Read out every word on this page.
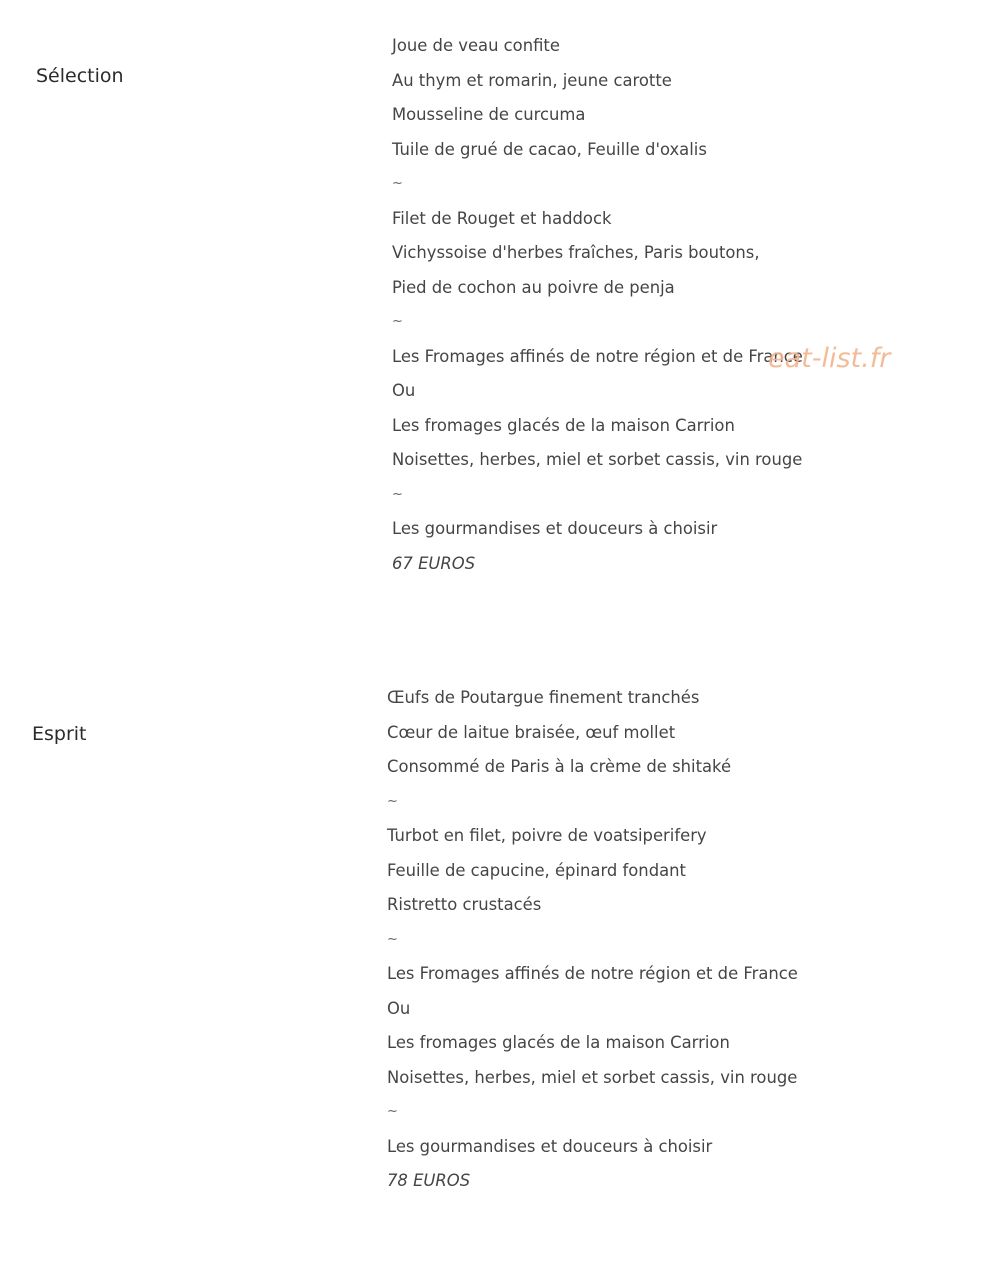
Sélection
Joue de veau confite
Au thym et romarin, jeune carotte
Mousseline de curcuma
Tuile de grué de cacao, Feuille d'oxalis
~
Filet de Rouget et haddock
Vichyssoise d'herbes fraîches, Paris boutons,
Pied de cochon au poivre de penja
~
Les Fromages affinés de notre région et de France
Ou
Les fromages glacés de la maison Carrion
Noisettes, herbes, miel et sorbet cassis, vin rouge
~
Les gourmandises et douceurs à choisir
67 EUROS
eat-list.fr
Esprit
Œufs de Poutargue finement tranchés
Cœur de laitue braisée, œuf mollet
Consommé de Paris à la crème de shitaké
~
Turbot en filet, poivre de voatsiperifery
Feuille de capucine, épinard fondant
Ristretto crustacés
~
Les Fromages affinés de notre région et de France
Ou
Les fromages glacés de la maison Carrion
Noisettes, herbes, miel et sorbet cassis, vin rouge
~
Les gourmandises et douceurs à choisir
78 EUROS
